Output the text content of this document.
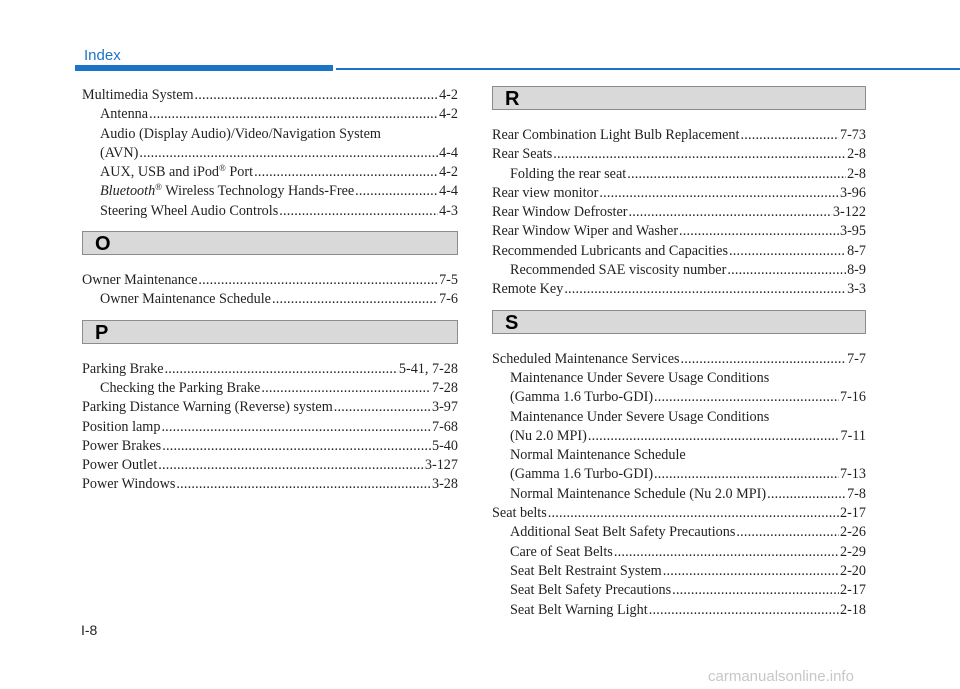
Index
Multimedia System .....	4-2
Antenna .....	4-2
Audio (Display Audio)/Video/Navigation System
(AVN) .....	4-4
AUX, USB and iPod® Port .....	4-2
Bluetooth® Wireless Technology Hands-Free .....	4-4
Steering Wheel Audio Controls .....	4-3
O
Owner Maintenance .....	7-5
Owner Maintenance Schedule .....	7-6
P
Parking Brake .....	5-41, 7-28
Checking the Parking Brake .....	7-28
Parking Distance Warning (Reverse) system .....	3-97
Position lamp .....	7-68
Power Brakes .....	5-40
Power Outlet .....	3-127
Power Windows .....	3-28
R
Rear Combination Light Bulb Replacement .....	7-73
Rear Seats .....	2-8
Folding the rear seat .....	2-8
Rear view monitor .....	3-96
Rear Window Defroster .....	3-122
Rear Window Wiper and Washer .....	3-95
Recommended Lubricants and Capacities .....	8-7
Recommended SAE viscosity number .....	8-9
Remote Key .....	3-3
S
Scheduled Maintenance Services .....	7-7
Maintenance Under Severe Usage Conditions
(Gamma 1.6 Turbo-GDI) .....	7-16
Maintenance Under Severe Usage Conditions
(Nu 2.0 MPI) .....	7-11
Normal Maintenance Schedule
(Gamma 1.6 Turbo-GDI) .....	7-13
Normal Maintenance Schedule (Nu 2.0 MPI) .....	7-8
Seat belts .....	2-17
Additional Seat Belt Safety Precautions .....	2-26
Care of Seat Belts .....	2-29
Seat Belt Restraint System .....	2-20
Seat Belt Safety Precautions .....	2-17
Seat Belt Warning Light .....	2-18
I-8
carmanualsonline.info
